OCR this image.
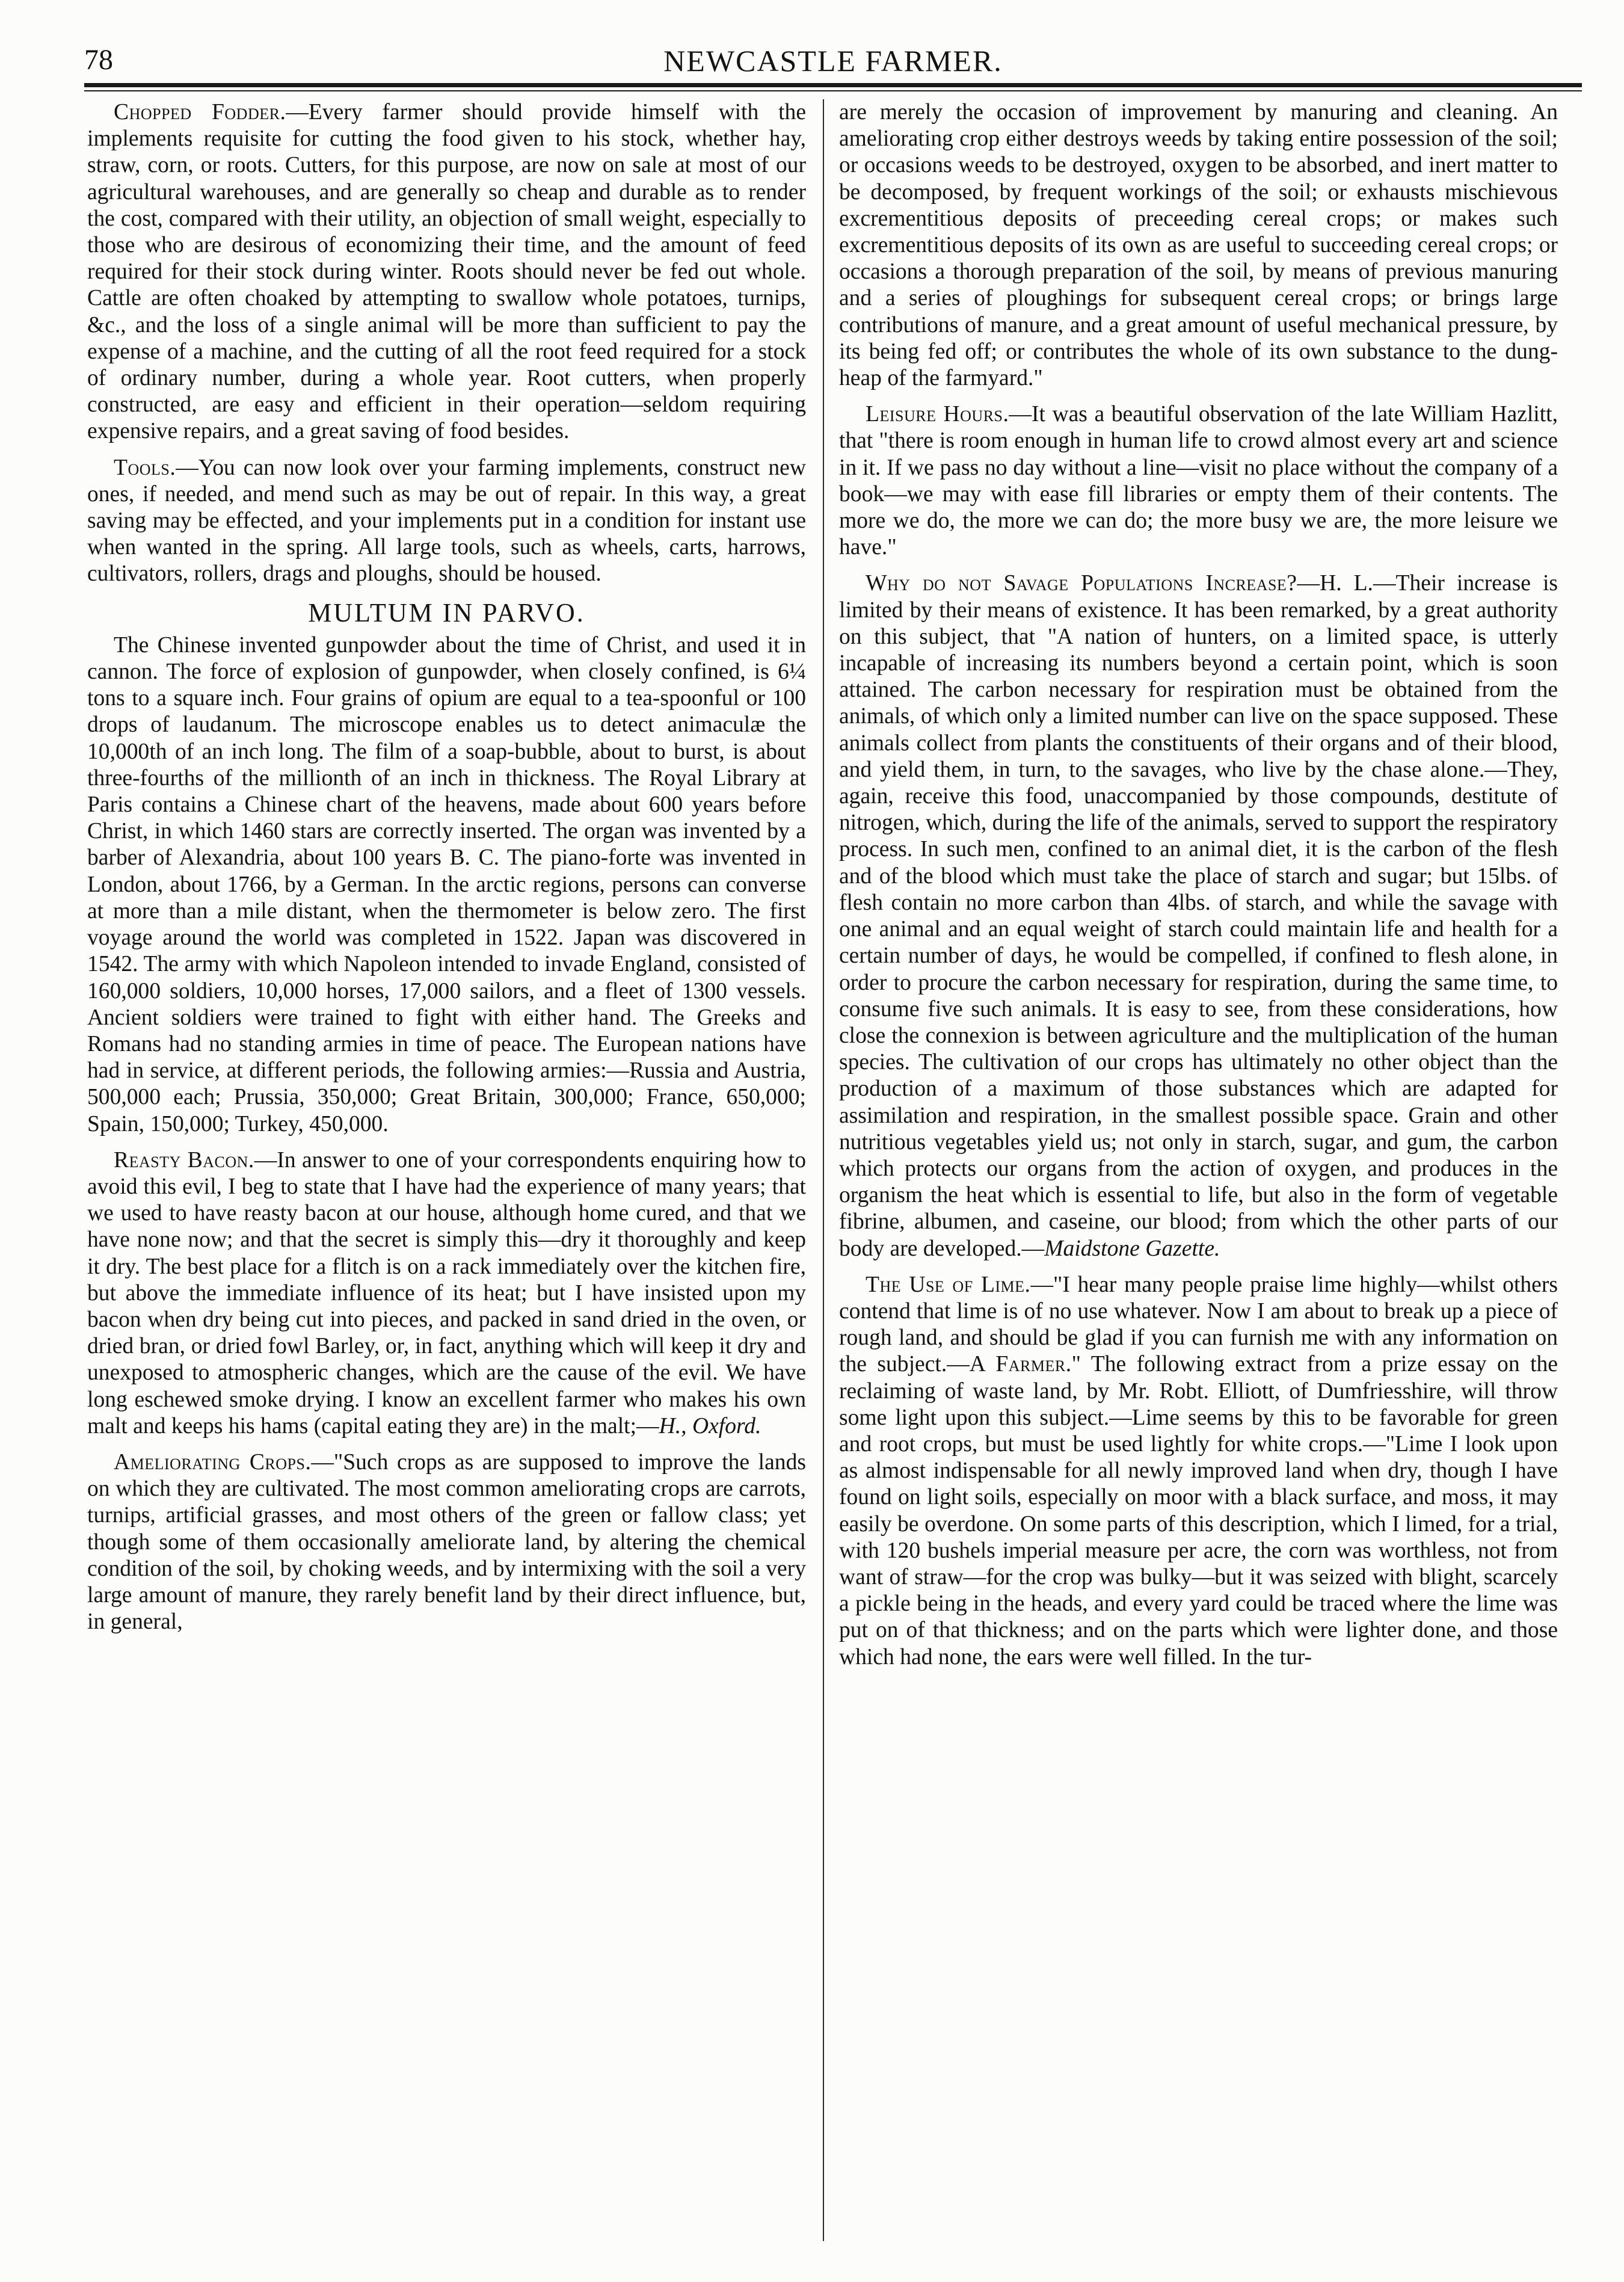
78	NEWCASTLE FARMER.

Chopped Fodder.—Every farmer should provide himself with the implements requisite for cutting the food given to his stock, whether hay, straw, corn, or roots. Cutters, for this purpose, are now on sale at most of our agricultural warehouses, and are generally so cheap and durable as to render the cost, compared with their utility, an objection of small weight, especially to those who are desirous of economizing their time, and the amount of feed required for their stock during winter. Roots should never be fed out whole. Cattle are often choaked by attempting to swallow whole potatoes, turnips, &c., and the loss of a single animal will be more than sufficient to pay the expense of a machine, and the cutting of all the root feed required for a stock of ordinary number, during a whole year. Root cutters, when properly constructed, are easy and efficient in their operation—seldom requiring expensive repairs, and a great saving of food besides.

Tools.—You can now look over your farming implements, construct new ones, if needed, and mend such as may be out of repair. In this way, a great saving may be effected, and your implements put in a condition for instant use when wanted in the spring. All large tools, such as wheels, carts, harrows, cultivators, rollers, drags and ploughs, should be housed.

MULTUM IN PARVO.

The Chinese invented gunpowder about the time of Christ, and used it in cannon. The force of explosion of gunpowder, when closely confined, is 6¼ tons to a square inch. Four grains of opium are equal to a tea-spoonful or 100 drops of laudanum. The microscope enables us to detect animaculæ the 10,000th of an inch long. The film of a soap-bubble, about to burst, is about three-fourths of the millionth of an inch in thickness. The Royal Library at Paris contains a Chinese chart of the heavens, made about 600 years before Christ, in which 1460 stars are correctly inserted. The organ was invented by a barber of Alexandria, about 100 years B. C. The piano-forte was invented in London, about 1766, by a German. In the arctic regions, persons can converse at more than a mile distant, when the thermometer is below zero. The first voyage around the world was completed in 1522. Japan was discovered in 1542. The army with which Napoleon intended to invade England, consisted of 160,000 soldiers, 10,000 horses, 17,000 sailors, and a fleet of 1300 vessels. Ancient soldiers were trained to fight with either hand. The Greeks and Romans had no standing armies in time of peace. The European nations have had in service, at different periods, the following armies:—Russia and Austria, 500,000 each; Prussia, 350,000; Great Britain, 300,000; France, 650,000; Spain, 150,000; Turkey, 450,000.

Reasty Bacon.—In answer to one of your correspondents enquiring how to avoid this evil, I beg to state that I have had the experience of many years; that we used to have reasty bacon at our house, although home cured, and that we have none now; and that the secret is simply this—dry it thoroughly and keep it dry. The best place for a flitch is on a rack immediately over the kitchen fire, but above the immediate influence of its heat; but I have insisted upon my bacon when dry being cut into pieces, and packed in sand dried in the oven, or dried bran, or dried fowl Barley, or, in fact, anything which will keep it dry and unexposed to atmospheric changes, which are the cause of the evil. We have long eschewed smoke drying. I know an excellent farmer who makes his own malt and keeps his hams (capital eating they are) in the malt;—H., Oxford.

Ameliorating Crops.—"Such crops as are supposed to improve the lands on which they are cultivated. The most common ameliorating crops are carrots, turnips, artificial grasses, and most others of the green or fallow class; yet though some of them occasionally ameliorate land, by altering the chemical condition of the soil, by choking weeds, and by intermixing with the soil a very large amount of manure, they rarely benefit land by their direct influence, but, in general,

are merely the occasion of improvement by manuring and cleaning. An ameliorating crop either destroys weeds by taking entire possession of the soil; or occasions weeds to be destroyed, oxygen to be absorbed, and inert matter to be decomposed, by frequent workings of the soil; or exhausts mischievous excrementitious deposits of preceeding cereal crops; or makes such excrementitious deposits of its own as are useful to succeeding cereal crops; or occasions a thorough preparation of the soil, by means of previous manuring and a series of ploughings for subsequent cereal crops; or brings large contributions of manure, and a great amount of useful mechanical pressure, by its being fed off; or contributes the whole of its own substance to the dung-heap of the farmyard."

Leisure Hours.—It was a beautiful observation of the late William Hazlitt, that "there is room enough in human life to crowd almost every art and science in it. If we pass no day without a line—visit no place without the company of a book—we may with ease fill libraries or empty them of their contents. The more we do, the more we can do; the more busy we are, the more leisure we have."

Why do not Savage Populations Increase?—H. L.—Their increase is limited by their means of existence. It has been remarked, by a great authority on this subject, that "A nation of hunters, on a limited space, is utterly incapable of increasing its numbers beyond a certain point, which is soon attained. The carbon necessary for respiration must be obtained from the animals, of which only a limited number can live on the space supposed. These animals collect from plants the constituents of their organs and of their blood, and yield them, in turn, to the savages, who live by the chase alone.—They, again, receive this food, unaccompanied by those compounds, destitute of nitrogen, which, during the life of the animals, served to support the respiratory process. In such men, confined to an animal diet, it is the carbon of the flesh and of the blood which must take the place of starch and sugar; but 15lbs. of flesh contain no more carbon than 4lbs. of starch, and while the savage with one animal and an equal weight of starch could maintain life and health for a certain number of days, he would be compelled, if confined to flesh alone, in order to procure the carbon necessary for respiration, during the same time, to consume five such animals. It is easy to see, from these considerations, how close the connexion is between agriculture and the multiplication of the human species. The cultivation of our crops has ultimately no other object than the production of a maximum of those substances which are adapted for assimilation and respiration, in the smallest possible space. Grain and other nutritious vegetables yield us; not only in starch, sugar, and gum, the carbon which protects our organs from the action of oxygen, and produces in the organism the heat which is essential to life, but also in the form of vegetable fibrine, albumen, and caseine, our blood; from which the other parts of our body are developed.—Maidstone Gazette.

The Use of Lime.—"I hear many people praise lime highly—whilst others contend that lime is of no use whatever. Now I am about to break up a piece of rough land, and should be glad if you can furnish me with any information on the subject.—A Farmer." The following extract from a prize essay on the reclaiming of waste land, by Mr. Robt. Elliott, of Dumfriesshire, will throw some light upon this subject.—Lime seems by this to be favorable for green and root crops, but must be used lightly for white crops.—"Lime I look upon as almost indispensable for all newly improved land when dry, though I have found on light soils, especially on moor with a black surface, and moss, it may easily be overdone. On some parts of this description, which I limed, for a trial, with 120 bushels imperial measure per acre, the corn was worthless, not from want of straw—for the crop was bulky—but it was seized with blight, scarcely a pickle being in the heads, and every yard could be traced where the lime was put on of that thickness; and on the parts which were lighter done, and those which had none, the ears were well filled. In the tur-
